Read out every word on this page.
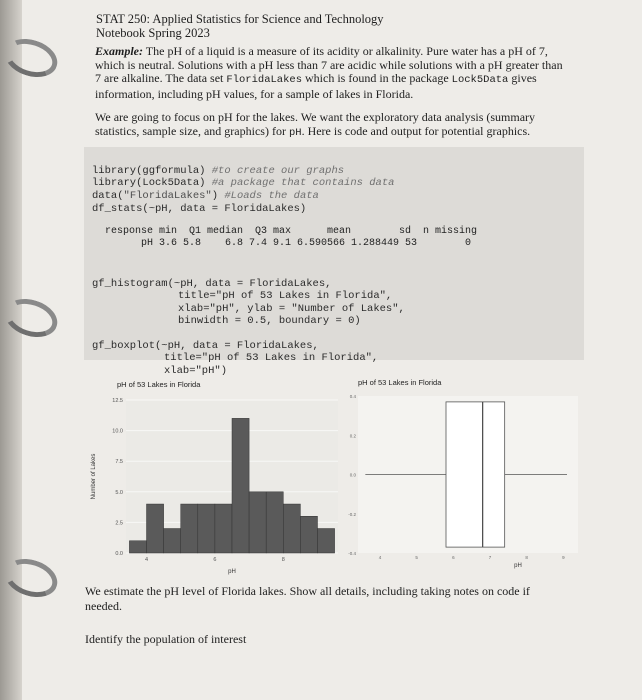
STAT 250: Applied Statistics for Science and Technology
Notebook Spring 2023
Example: The pH of a liquid is a measure of its acidity or alkalinity. Pure water has a pH of 7,
which is neutral. Solutions with a pH less than 7 are acidic while solutions with a pH greater than
7 are alkaline. The data set FloridaLakes which is found in the package Lock5Data gives
information, including pH values, for a sample of lakes in Florida.
We are going to focus on pH for the lakes. We want the exploratory data analysis (summary
statistics, sample size, and graphics) for pH. Here is code and output for potential graphics.

library(ggformula) #to create our graphs
library(Lock5Data) #a package that contains data
data("FloridaLakes") #Loads the data

df_stats(~pH, data = FloridaLakes)
response min  Q1 median  Q3 max      mean        sd  n missing
pH 3.6 5.8    6.8 7.4 9.1 6.590566 1.288449 53        0

gf_histogram(~pH, data = FloridaLakes,
title="pH of 53 Lakes in Florida",
xlab="pH", ylab = "Number of Lakes",
binwidth = 0.5, boundary = 0)

gf_boxplot(~pH, data = FloridaLakes,
title="pH of 53 Lakes in Florida",
xlab="pH")

pH of 53 Lakes in Florida
0.0
2.5
5.0
7.5
10.0
12.5
4	6	8
pH
Number of Lakes
pH of 53 Lakes in Florida
0.4
0.2
0.0
-0.2
-0.4
4	5	6	7	8	9
pH
We estimate the pH level of Florida lakes. Show all details, including taking notes on code if
needed.
Identify the population of interest
